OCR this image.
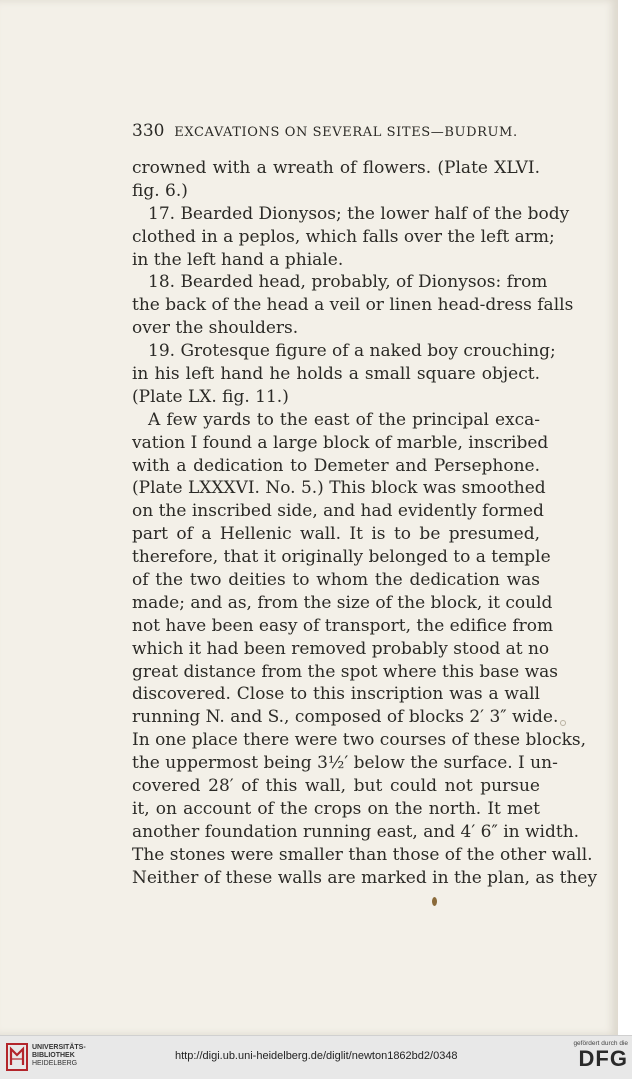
330 EXCAVATIONS ON SEVERAL SITES—BUDRUM.
crowned with a wreath of flowers. (Plate XLVI.
fig. 6.)
17. Bearded Dionysos; the lower half of the body
clothed in a peplos, which falls over the left arm;
in the left hand a phiale.
18. Bearded head, probably, of Dionysos: from
the back of the head a veil or linen head-dress falls
over the shoulders.
19. Grotesque figure of a naked boy crouching;
in his left hand he holds a small square object.
(Plate LX. fig. 11.)
A few yards to the east of the principal exca-
vation I found a large block of marble, inscribed
with a dedication to Demeter and Persephone.
(Plate LXXXVI. No. 5.) This block was smoothed
on the inscribed side, and had evidently formed
part of a Hellenic wall. It is to be presumed,
therefore, that it originally belonged to a temple
of the two deities to whom the dedication was
made; and as, from the size of the block, it could
not have been easy of transport, the edifice from
which it had been removed probably stood at no
great distance from the spot where this base was
discovered. Close to this inscription was a wall
running N. and S., composed of blocks 2′ 3″ wide.
In one place there were two courses of these blocks,
the uppermost being 3½′ below the surface. I un-
covered 28′ of this wall, but could not pursue
it, on account of the crops on the north. It met
another foundation running east, and 4′ 6″ in width.
The stones were smaller than those of the other wall.
Neither of these walls are marked in the plan, as they
UNIVERSITÄTS-
BIBLIOTHEK
HEIDELBERG
http://digi.ub.uni-heidelberg.de/diglit/newton1862bd2/0348
gefördert durch die
DFG
